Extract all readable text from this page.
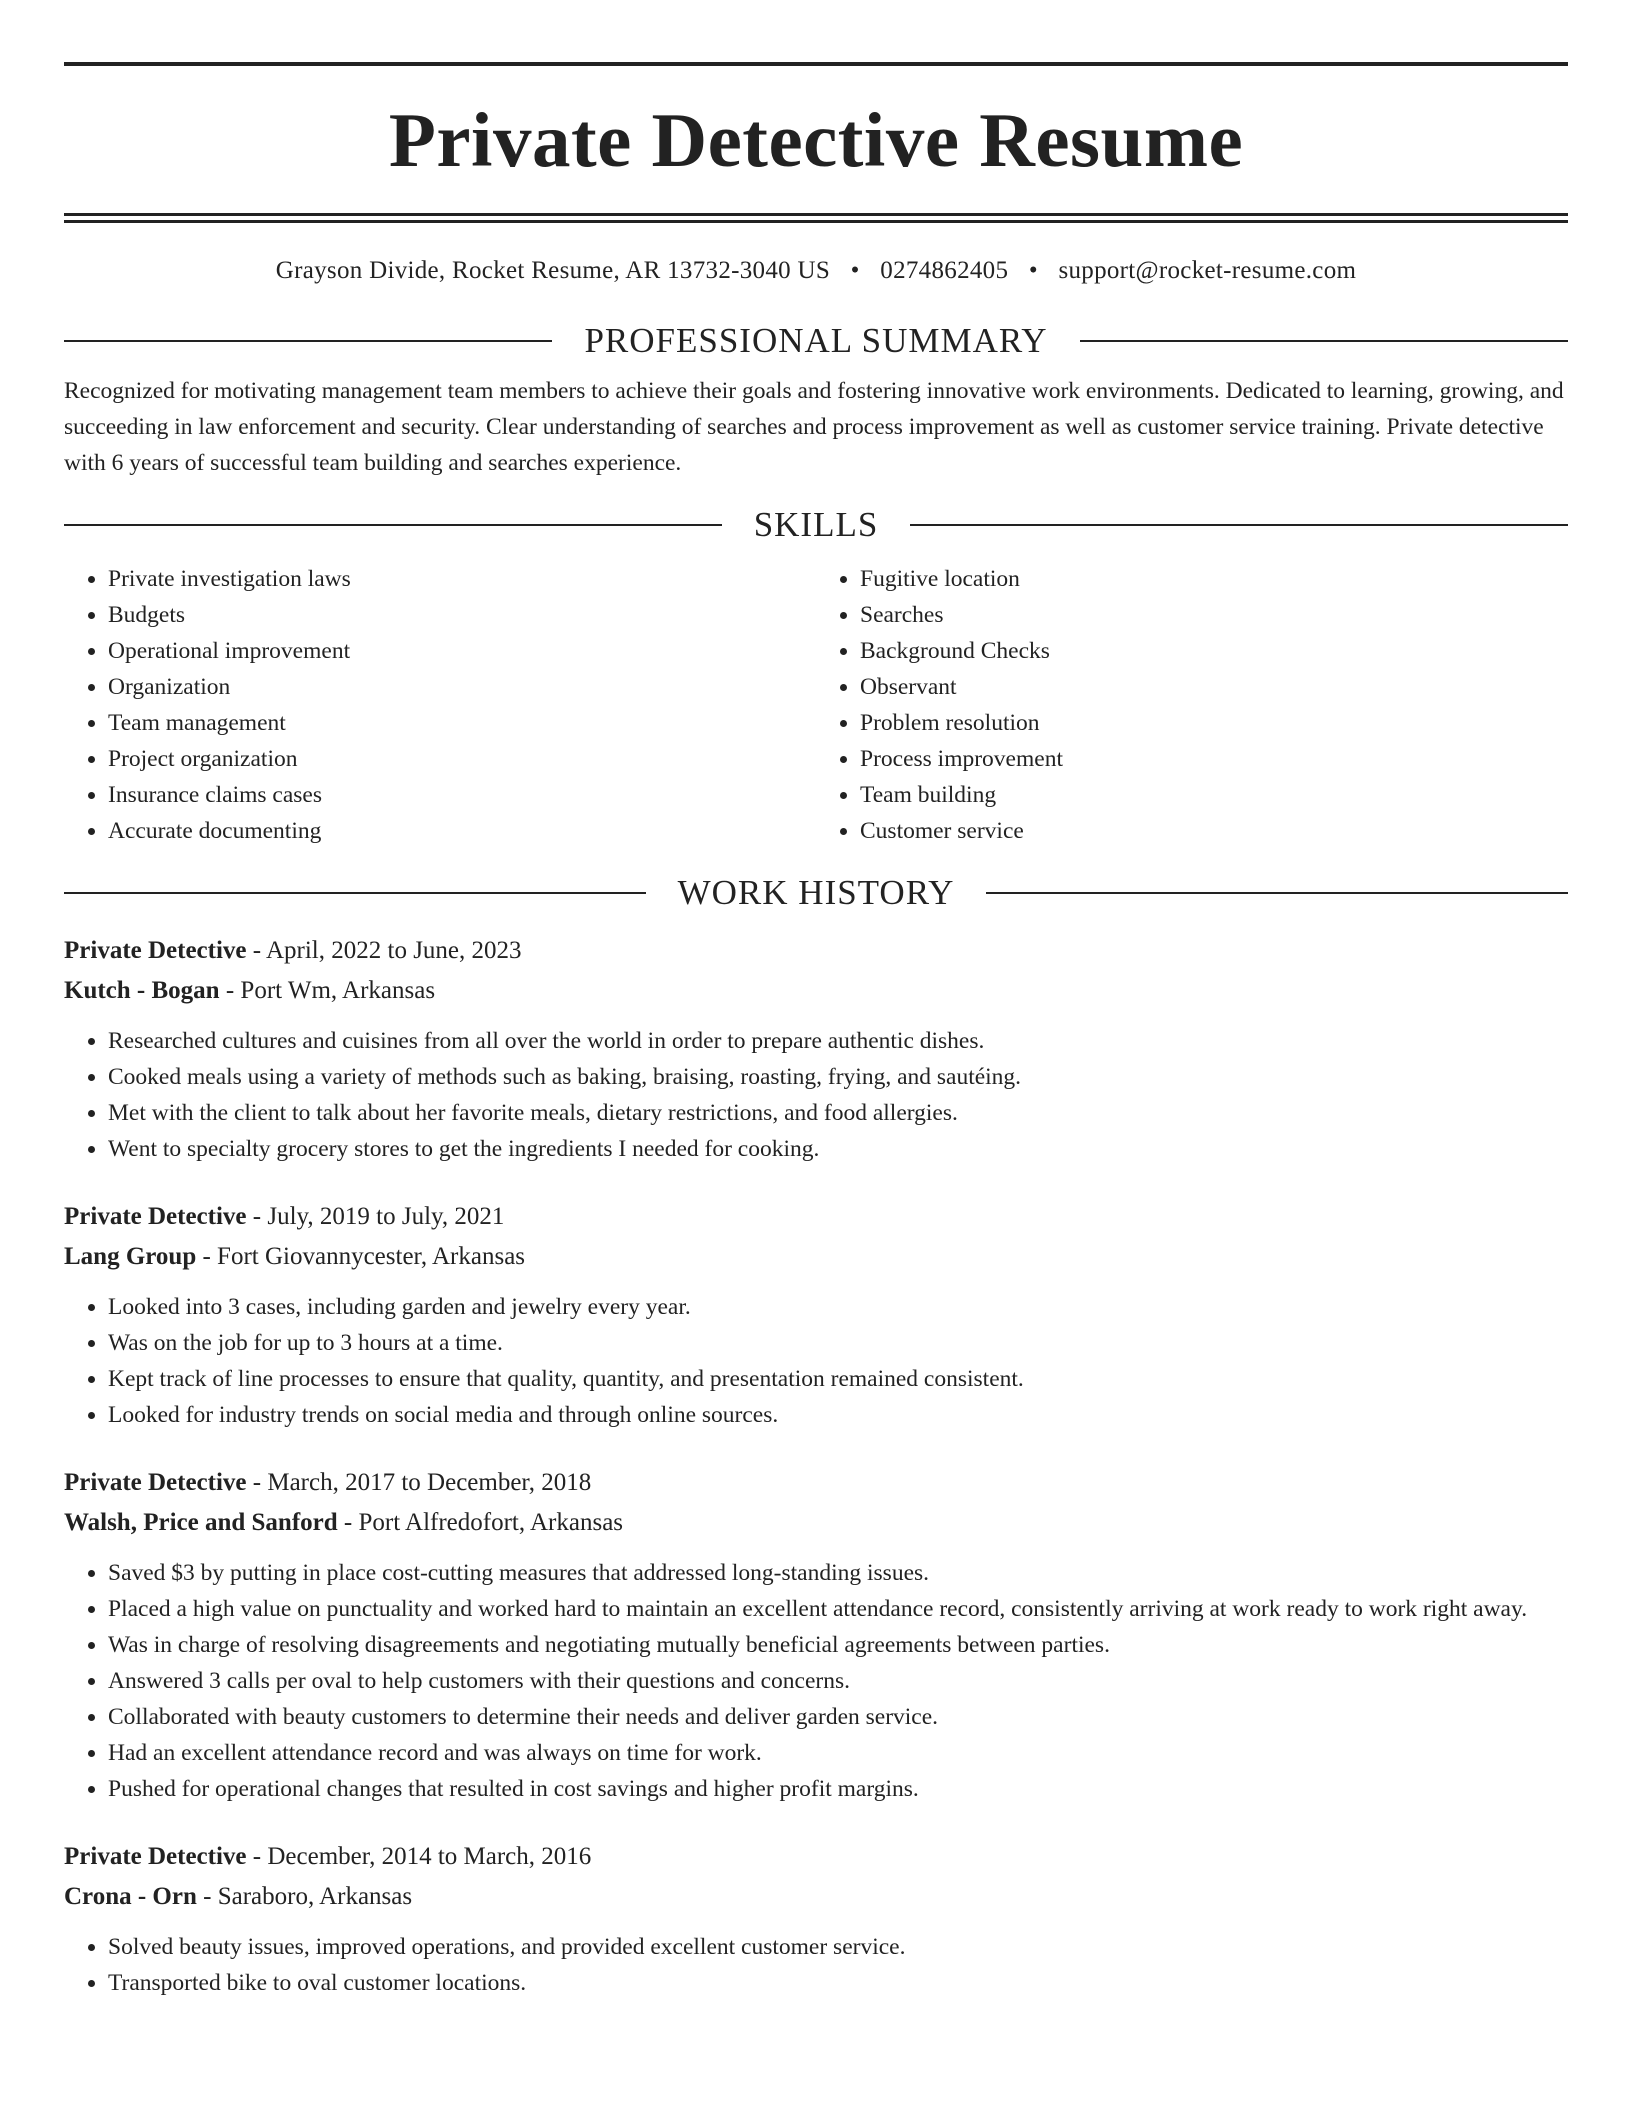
Private Detective Resume
Grayson Divide, Rocket Resume, AR 13732-3040 US • 0274862405 • support@rocket-resume.com
PROFESSIONAL SUMMARY

Recognized for motivating management team members to achieve their goals and fostering innovative work environments. Dedicated to learning, growing, and succeeding in law enforcement and security. Clear understanding of searches and process improvement as well as customer service training. Private detective with 6 years of successful team building and searches experience.

SKILLS
• Private investigation laws
• Budgets
• Operational improvement
• Organization
• Team management
• Project organization
• Insurance claims cases
• Accurate documenting
• Fugitive location
• Searches
• Background Checks
• Observant
• Problem resolution
• Process improvement
• Team building
• Customer service
WORK HISTORY
Private Detective - April, 2022 to June, 2023
Kutch - Bogan - Port Wm, Arkansas
• Researched cultures and cuisines from all over the world in order to prepare authentic dishes.
• Cooked meals using a variety of methods such as baking, braising, roasting, frying, and sautéing.
• Met with the client to talk about her favorite meals, dietary restrictions, and food allergies.
• Went to specialty grocery stores to get the ingredients I needed for cooking.
Private Detective - July, 2019 to July, 2021
Lang Group - Fort Giovannycester, Arkansas
• Looked into 3 cases, including garden and jewelry every year.
• Was on the job for up to 3 hours at a time.
• Kept track of line processes to ensure that quality, quantity, and presentation remained consistent.
• Looked for industry trends on social media and through online sources.
Private Detective - March, 2017 to December, 2018
Walsh, Price and Sanford - Port Alfredofort, Arkansas
• Saved $3 by putting in place cost-cutting measures that addressed long-standing issues.
• Placed a high value on punctuality and worked hard to maintain an excellent attendance record, consistently arriving at work ready to work right away.
• Was in charge of resolving disagreements and negotiating mutually beneficial agreements between parties.
• Answered 3 calls per oval to help customers with their questions and concerns.
• Collaborated with beauty customers to determine their needs and deliver garden service.
• Had an excellent attendance record and was always on time for work.
• Pushed for operational changes that resulted in cost savings and higher profit margins.
Private Detective - December, 2014 to March, 2016
Crona - Orn - Saraboro, Arkansas
• Solved beauty issues, improved operations, and provided excellent customer service.
• Transported bike to oval customer locations.
